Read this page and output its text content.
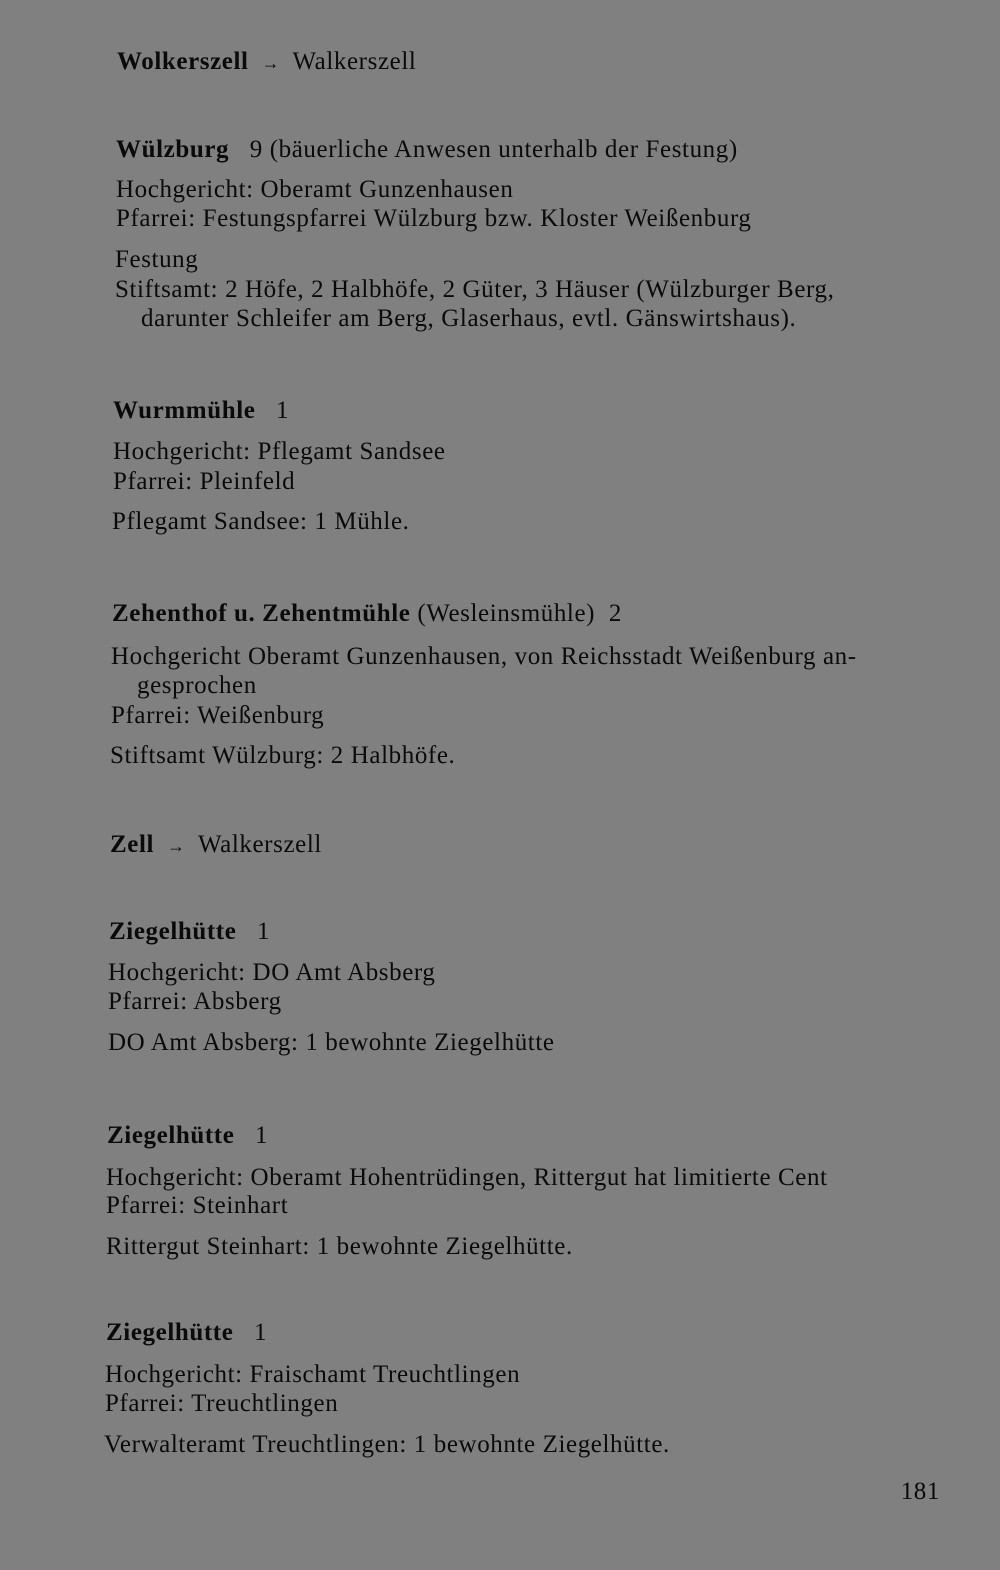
Wolkerszell → Walkerszell
Wülzburg 9 (bäuerliche Anwesen unterhalb der Festung)
Hochgericht: Oberamt Gunzenhausen
Pfarrei: Festungspfarrei Wülzburg bzw. Kloster Weißenburg
Festung
Stiftsamt: 2 Höfe, 2 Halbhöfe, 2 Güter, 3 Häuser (Wülzburger Berg,
darunter Schleifer am Berg, Glaserhaus, evtl. Gänswirtshaus).
Wurmmühle 1
Hochgericht: Pflegamt Sandsee
Pfarrei: Pleinfeld
Pflegamt Sandsee: 1 Mühle.
Zehenthof u. Zehentmühle (Wesleinsmühle) 2
Hochgericht Oberamt Gunzenhausen, von Reichsstadt Weißenburg an-
gesprochen
Pfarrei: Weißenburg
Stiftsamt Wülzburg: 2 Halbhöfe.
Zell → Walkerszell
Ziegelhütte 1
Hochgericht: DO Amt Absberg
Pfarrei: Absberg
DO Amt Absberg: 1 bewohnte Ziegelhütte
Ziegelhütte 1
Hochgericht: Oberamt Hohentrüdingen, Rittergut hat limitierte Cent
Pfarrei: Steinhart
Rittergut Steinhart: 1 bewohnte Ziegelhütte.
Ziegelhütte 1
Hochgericht: Fraischamt Treuchtlingen
Pfarrei: Treuchtlingen
Verwalteramt Treuchtlingen: 1 bewohnte Ziegelhütte.
181
